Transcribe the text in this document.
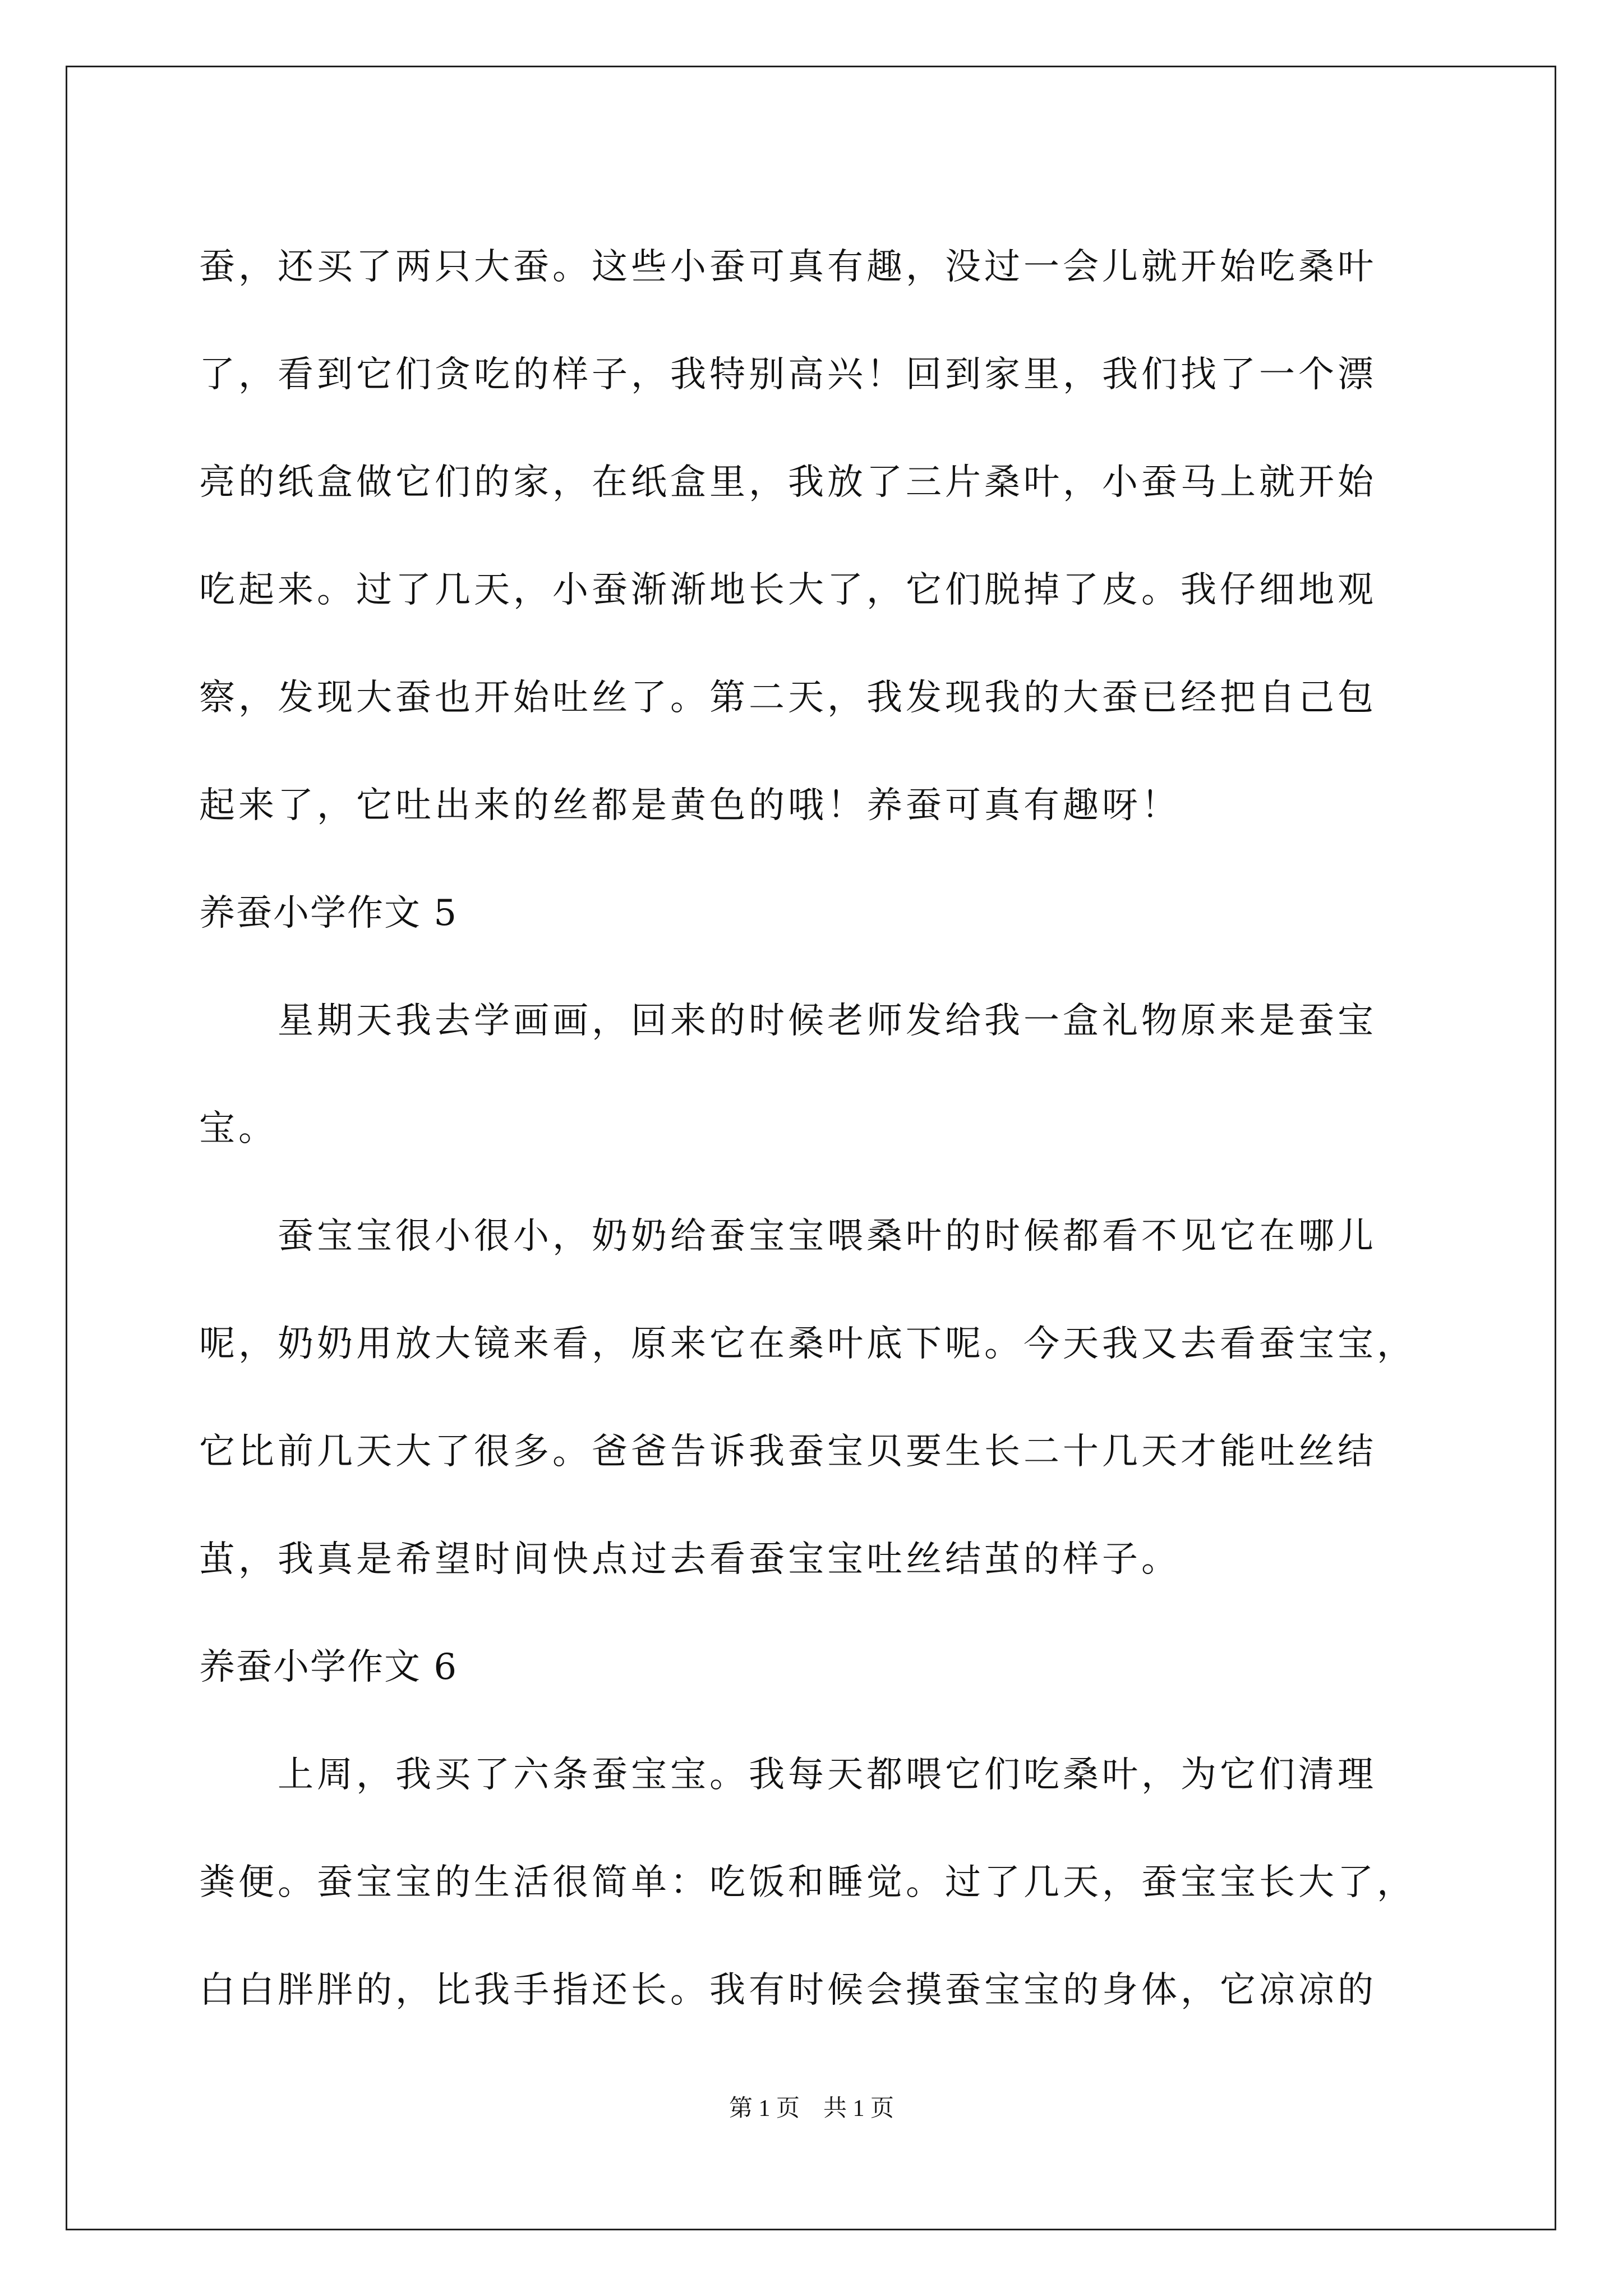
蚕，还买了两只大蚕。这些小蚕可真有趣，没过一会儿就开始吃桑叶
了，看到它们贪吃的样子，我特别高兴！回到家里，我们找了一个漂
亮的纸盒做它们的家，在纸盒里，我放了三片桑叶，小蚕马上就开始
吃起来。过了几天，小蚕渐渐地长大了，它们脱掉了皮。我仔细地观
察，发现大蚕也开始吐丝了。第二天，我发现我的大蚕已经把自己包
起来了，它吐出来的丝都是黄色的哦！养蚕可真有趣呀！
养蚕小学作文 5
　　星期天我去学画画，回来的时候老师发给我一盒礼物原来是蚕宝
宝。
　　蚕宝宝很小很小，奶奶给蚕宝宝喂桑叶的时候都看不见它在哪儿
呢，奶奶用放大镜来看，原来它在桑叶底下呢。今天我又去看蚕宝宝，
它比前几天大了很多。爸爸告诉我蚕宝贝要生长二十几天才能吐丝结
茧，我真是希望时间快点过去看蚕宝宝吐丝结茧的样子。
养蚕小学作文 6
　　上周，我买了六条蚕宝宝。我每天都喂它们吃桑叶，为它们清理
粪便。蚕宝宝的生活很简单：吃饭和睡觉。过了几天，蚕宝宝长大了，
白白胖胖的，比我手指还长。我有时候会摸蚕宝宝的身体，它凉凉的
第 1 页　共 1 页
